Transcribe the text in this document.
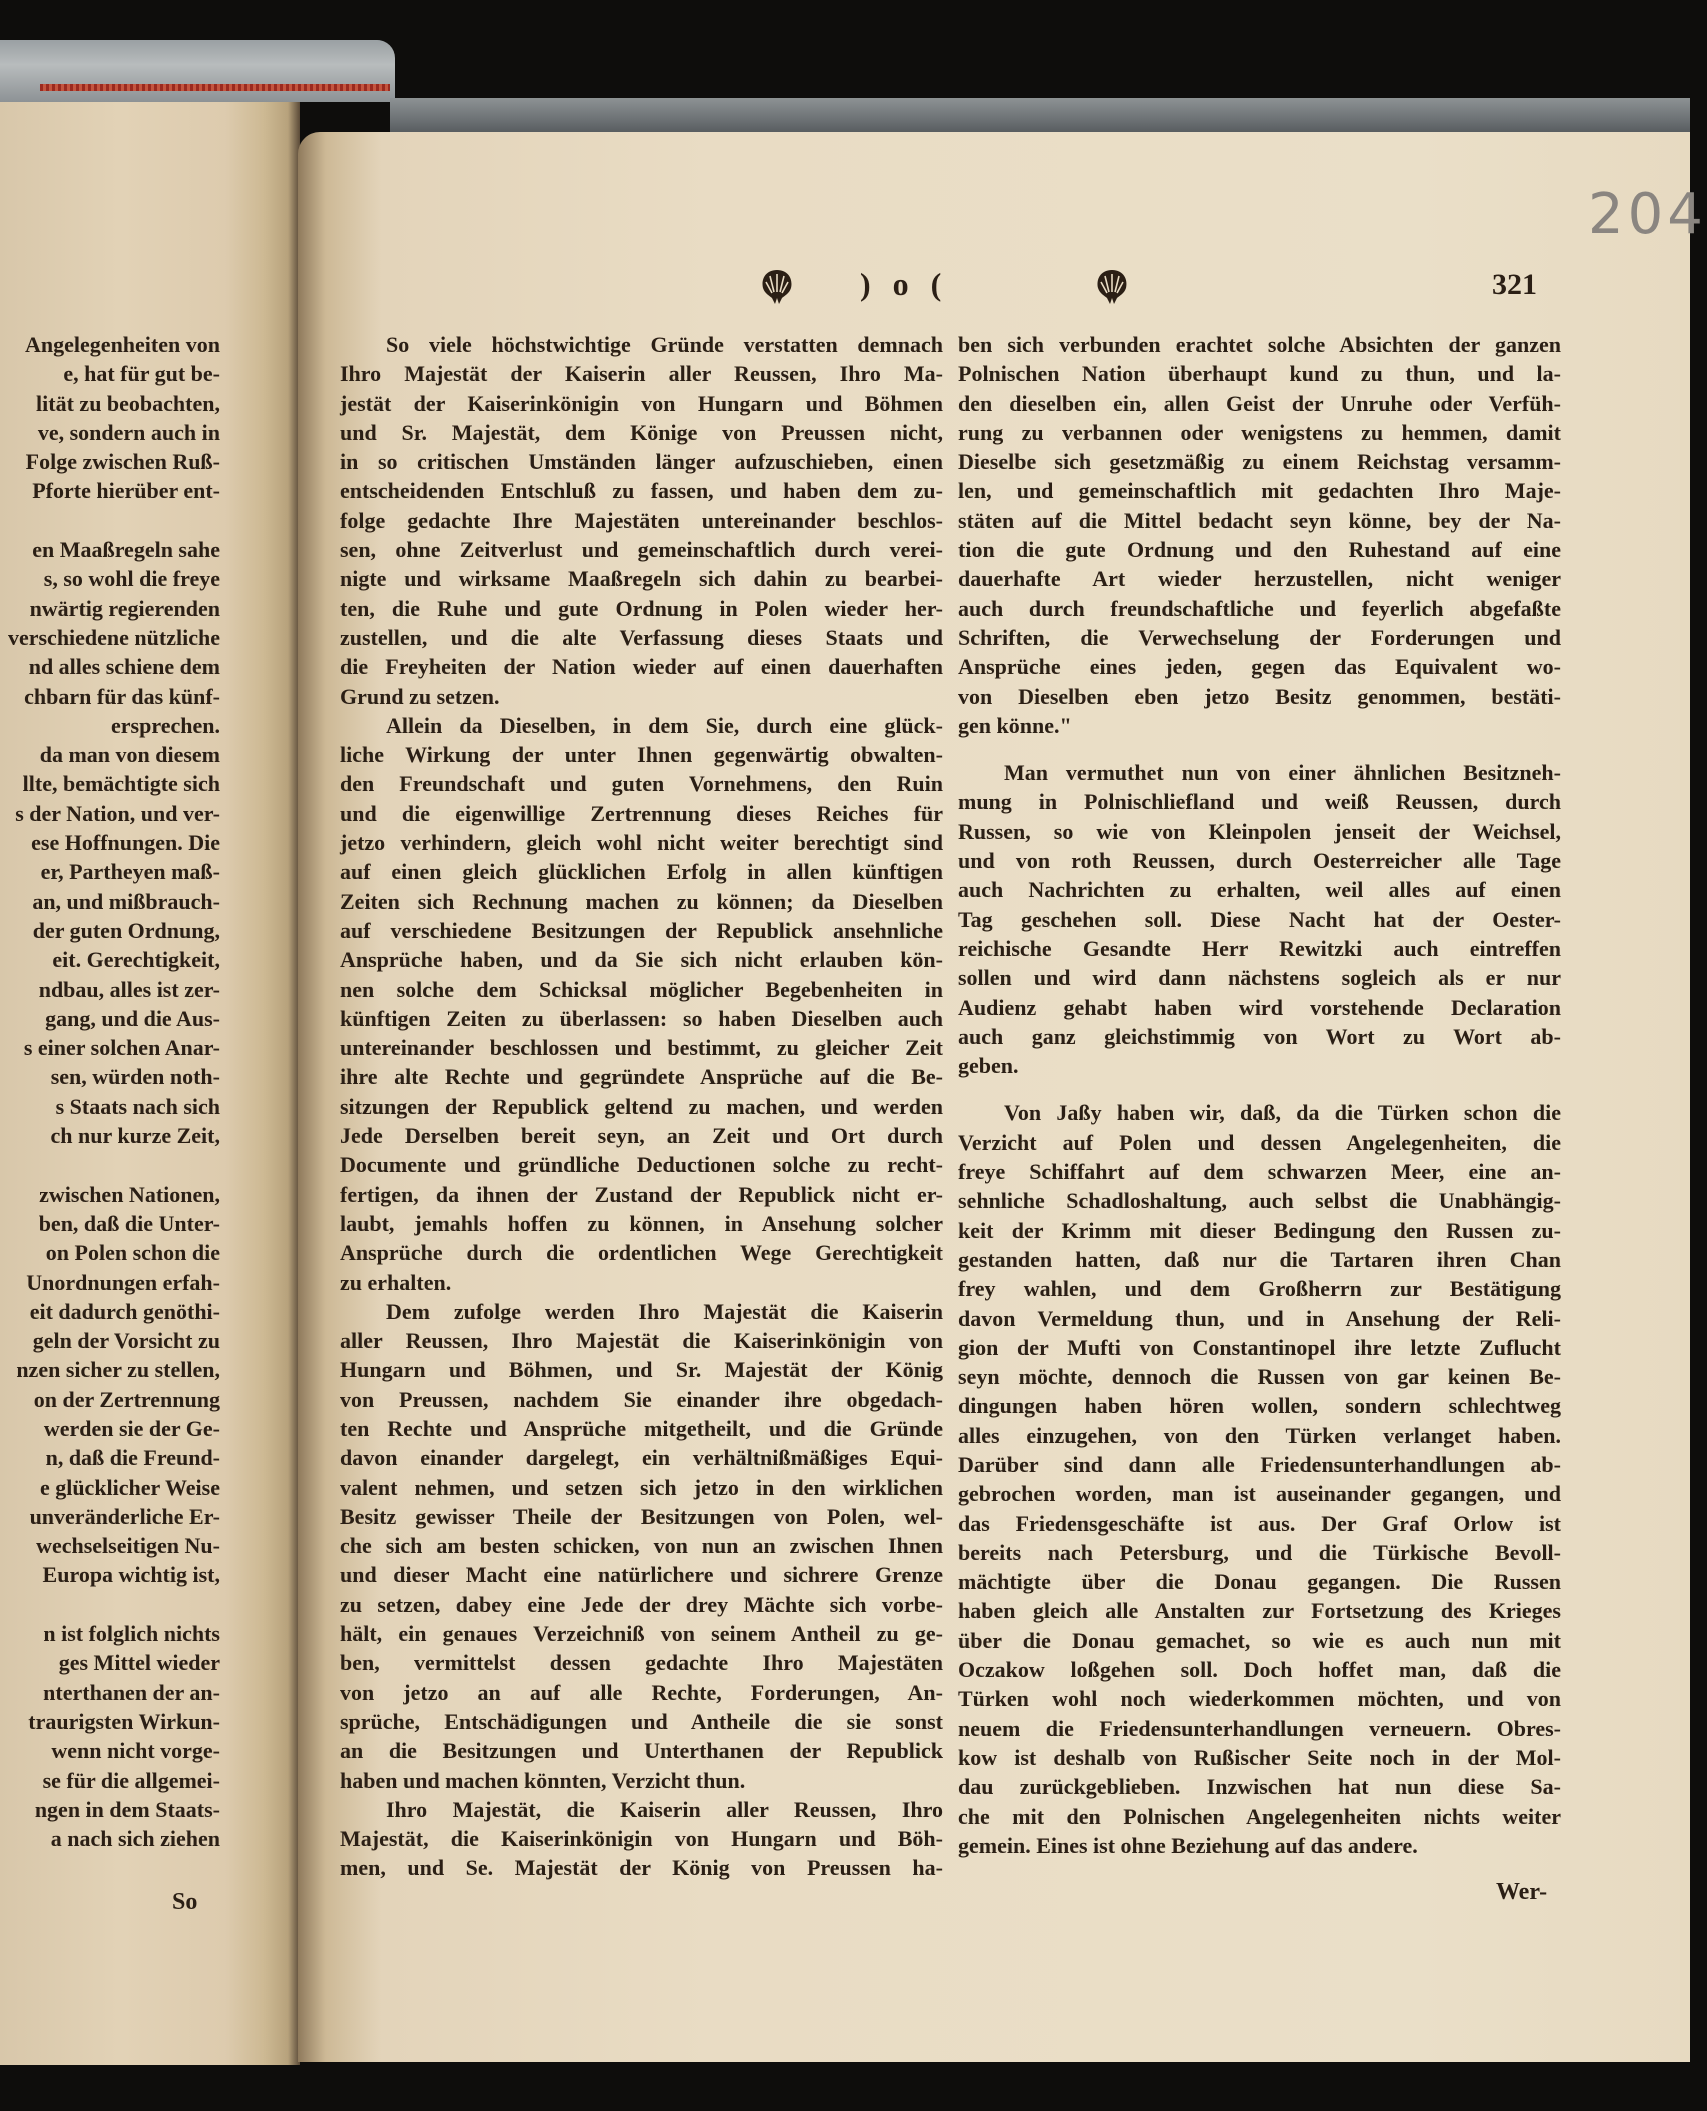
Angelegenheiten von
e, hat für gut be-
lität zu beobachten,
ve, sondern auch in
Folge zwischen Ruß-
Pforte hierüber ent-
en Maaßregeln sahe
s, so wohl die freye
nwärtig regierenden
verschiedene nützliche
nd alles schiene dem
chbarn für das künf-
ersprechen.
da man von diesem
llte, bemächtigte sich
s der Nation, und ver-
ese Hoffnungen. Die
er, Partheyen maß-
an, und mißbrauch-
der guten Ordnung,
eit. Gerechtigkeit,
ndbau, alles ist zer-
gang, und die Aus-
s einer solchen Anar-
sen, würden noth-
s Staats nach sich
ch nur kurze Zeit,
zwischen Nationen,
ben, daß die Unter-
on Polen schon die
Unordnungen erfah-
eit dadurch genöthi-
geln der Vorsicht zu
nzen sicher zu stellen,
on der Zertrennung
werden sie der Ge-
n, daß die Freund-
e glücklicher Weise
unveränderliche Er-
wechselseitigen Nu-
Europa wichtig ist,
n ist folglich nichts
ges Mittel wieder
nterthanen der an-
traurigsten Wirkun-
wenn nicht vorge-
se für die allgemei-
ngen in dem Staats-
a nach sich ziehen
So
)o(	321
204
So viele höchstwichtige Gründe verstatten demnach
Ihro Majestät der Kaiserin aller Reussen, Ihro Ma-
jestät der Kaiserinkönigin von Hungarn und Böhmen
und Sr. Majestät, dem Könige von Preussen nicht,
in so critischen Umständen länger aufzuschieben, einen
entscheidenden Entschluß zu fassen, und haben dem zu-
folge gedachte Ihre Majestäten untereinander beschlos-
sen, ohne Zeitverlust und gemeinschaftlich durch verei-
nigte und wirksame Maaßregeln sich dahin zu bearbei-
ten, die Ruhe und gute Ordnung in Polen wieder her-
zustellen, und die alte Verfassung dieses Staats und
die Freyheiten der Nation wieder auf einen dauerhaften
Grund zu setzen.
Allein da Dieselben, in dem Sie, durch eine glück-
liche Wirkung der unter Ihnen gegenwärtig obwalten-
den Freundschaft und guten Vornehmens, den Ruin
und die eigenwillige Zertrennung dieses Reiches für
jetzo verhindern, gleich wohl nicht weiter berechtigt sind
auf einen gleich glücklichen Erfolg in allen künftigen
Zeiten sich Rechnung machen zu können; da Dieselben
auf verschiedene Besitzungen der Republick ansehnliche
Ansprüche haben, und da Sie sich nicht erlauben kön-
nen solche dem Schicksal möglicher Begebenheiten in
künftigen Zeiten zu überlassen: so haben Dieselben auch
untereinander beschlossen und bestimmt, zu gleicher Zeit
ihre alte Rechte und gegründete Ansprüche auf die Be-
sitzungen der Republick geltend zu machen, und werden
Jede Derselben bereit seyn, an Zeit und Ort durch
Documente und gründliche Deductionen solche zu recht-
fertigen, da ihnen der Zustand der Republick nicht er-
laubt, jemahls hoffen zu können, in Ansehung solcher
Ansprüche durch die ordentlichen Wege Gerechtigkeit
zu erhalten.
Dem zufolge werden Ihro Majestät die Kaiserin
aller Reussen, Ihro Majestät die Kaiserinkönigin von
Hungarn und Böhmen, und Sr. Majestät der König
von Preussen, nachdem Sie einander ihre obgedach-
ten Rechte und Ansprüche mitgetheilt, und die Gründe
davon einander dargelegt, ein verhältnißmäßiges Equi-
valent nehmen, und setzen sich jetzo in den wirklichen
Besitz gewisser Theile der Besitzungen von Polen, wel-
che sich am besten schicken, von nun an zwischen Ihnen
und dieser Macht eine natürlichere und sichrere Grenze
zu setzen, dabey eine Jede der drey Mächte sich vorbe-
hält, ein genaues Verzeichniß von seinem Antheil zu ge-
ben, vermittelst dessen gedachte Ihro Majestäten
von jetzo an auf alle Rechte, Forderungen, An-
sprüche, Entschädigungen und Antheile die sie sonst
an die Besitzungen und Unterthanen der Republick
haben und machen könnten, Verzicht thun.
Ihro Majestät, die Kaiserin aller Reussen, Ihro
Majestät, die Kaiserinkönigin von Hungarn und Böh-
men, und Se. Majestät der König von Preussen ha-
ben sich verbunden erachtet solche Absichten der ganzen
Polnischen Nation überhaupt kund zu thun, und la-
den dieselben ein, allen Geist der Unruhe oder Verfüh-
rung zu verbannen oder wenigstens zu hemmen, damit
Dieselbe sich gesetzmäßig zu einem Reichstag versamm-
len, und gemeinschaftlich mit gedachten Ihro Maje-
stäten auf die Mittel bedacht seyn könne, bey der Na-
tion die gute Ordnung und den Ruhestand auf eine
dauerhafte Art wieder herzustellen, nicht weniger
auch durch freundschaftliche und feyerlich abgefaßte
Schriften, die Verwechselung der Forderungen und
Ansprüche eines jeden, gegen das Equivalent wo-
von Dieselben eben jetzo Besitz genommen, bestäti-
gen könne."
Man vermuthet nun von einer ähnlichen Besitzneh-
mung in Polnischliefland und weiß Reussen, durch
Russen, so wie von Kleinpolen jenseit der Weichsel,
und von roth Reussen, durch Oesterreicher alle Tage
auch Nachrichten zu erhalten, weil alles auf einen
Tag geschehen soll. Diese Nacht hat der Oester-
reichische Gesandte Herr Rewitzki auch eintreffen
sollen und wird dann nächstens sogleich als er nur
Audienz gehabt haben wird vorstehende Declaration
auch ganz gleichstimmig von Wort zu Wort ab-
geben.
Von Jaßy haben wir, daß, da die Türken schon die
Verzicht auf Polen und dessen Angelegenheiten, die
freye Schiffahrt auf dem schwarzen Meer, eine an-
sehnliche Schadloshaltung, auch selbst die Unabhängig-
keit der Krimm mit dieser Bedingung den Russen zu-
gestanden hatten, daß nur die Tartaren ihren Chan
frey wahlen, und dem Großherrn zur Bestätigung
davon Vermeldung thun, und in Ansehung der Reli-
gion der Mufti von Constantinopel ihre letzte Zuflucht
seyn möchte, dennoch die Russen von gar keinen Be-
dingungen haben hören wollen, sondern schlechtweg
alles einzugehen, von den Türken verlanget haben.
Darüber sind dann alle Friedensunterhandlungen ab-
gebrochen worden, man ist auseinander gegangen, und
das Friedensgeschäfte ist aus. Der Graf Orlow ist
bereits nach Petersburg, und die Türkische Bevoll-
mächtigte über die Donau gegangen. Die Russen
haben gleich alle Anstalten zur Fortsetzung des Krieges
über die Donau gemachet, so wie es auch nun mit
Oczakow loßgehen soll. Doch hoffet man, daß die
Türken wohl noch wiederkommen möchten, und von
neuem die Friedensunterhandlungen verneuern. Obres-
kow ist deshalb von Rußischer Seite noch in der Mol-
dau zurückgeblieben. Inzwischen hat nun diese Sa-
che mit den Polnischen Angelegenheiten nichts weiter
gemein. Eines ist ohne Beziehung auf das andere.
Wer-
